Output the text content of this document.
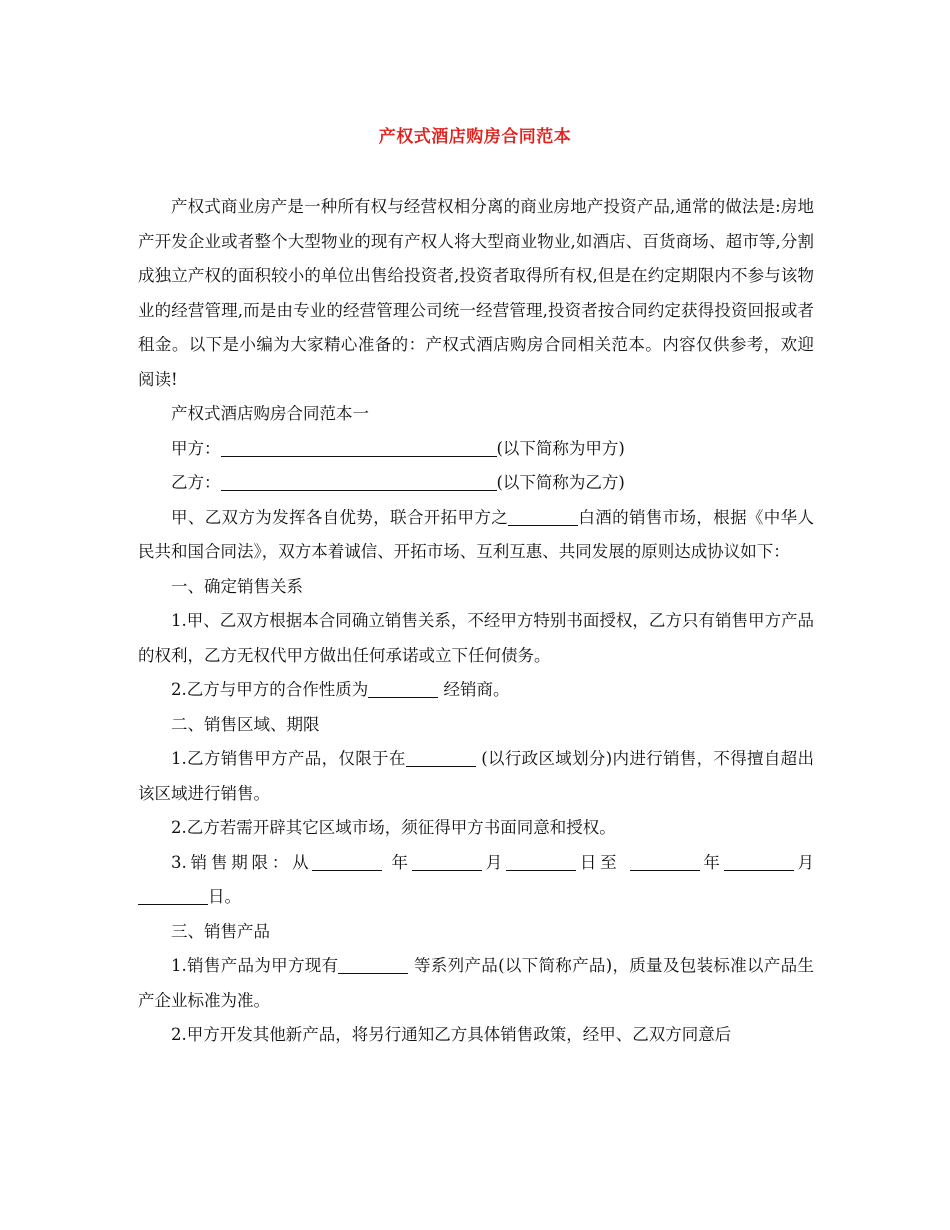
产权式酒店购房合同范本

产权式商业房产是一种所有权与经营权相分离的商业房地产投资产品,通常的做法是:房地产开发企业或者整个大型物业的现有产权人将大型商业物业,如酒店、百货商场、超市等,分割成独立产权的面积较小的单位出售给投资者,投资者取得所有权,但是在约定期限内不参与该物业的经营管理,而是由专业的经营管理公司统一经营管理,投资者按合同约定获得投资回报或者租金。以下是小编为大家精心准备的：产权式酒店购房合同相关范本。内容仅供参考，欢迎阅读!

产权式酒店购房合同范本一

甲方：	(以下简称为甲方)

乙方：	(以下简称为乙方)

甲、乙双方为发挥各自优势，联合开拓甲方之	白酒的销售市场，根据《中华人民共和国合同法》，双方本着诚信、开拓市场、互利互惠、共同发展的原则达成协议如下：

一、确定销售关系

1.甲、乙双方根据本合同确立销售关系，不经甲方特别书面授权，乙方只有销售甲方产品的权利，乙方无权代甲方做出任何承诺或立下任何债务。

2.乙方与甲方的合作性质为	经销商。

二、销售区域、期限

1.乙方销售甲方产品，仅限于在	(以行政区域划分)内进行销售，不得擅自超出该区域进行销售。

2.乙方若需开辟其它区域市场，须征得甲方书面同意和授权。

3.销售期限：从	年	月	日至	年	月日。

三、销售产品

1.销售产品为甲方现有	等系列产品(以下简称产品)，质量及包装标准以产品生产企业标准为准。

2.甲方开发其他新产品，将另行通知乙方具体销售政策，经甲、乙双方同意后
